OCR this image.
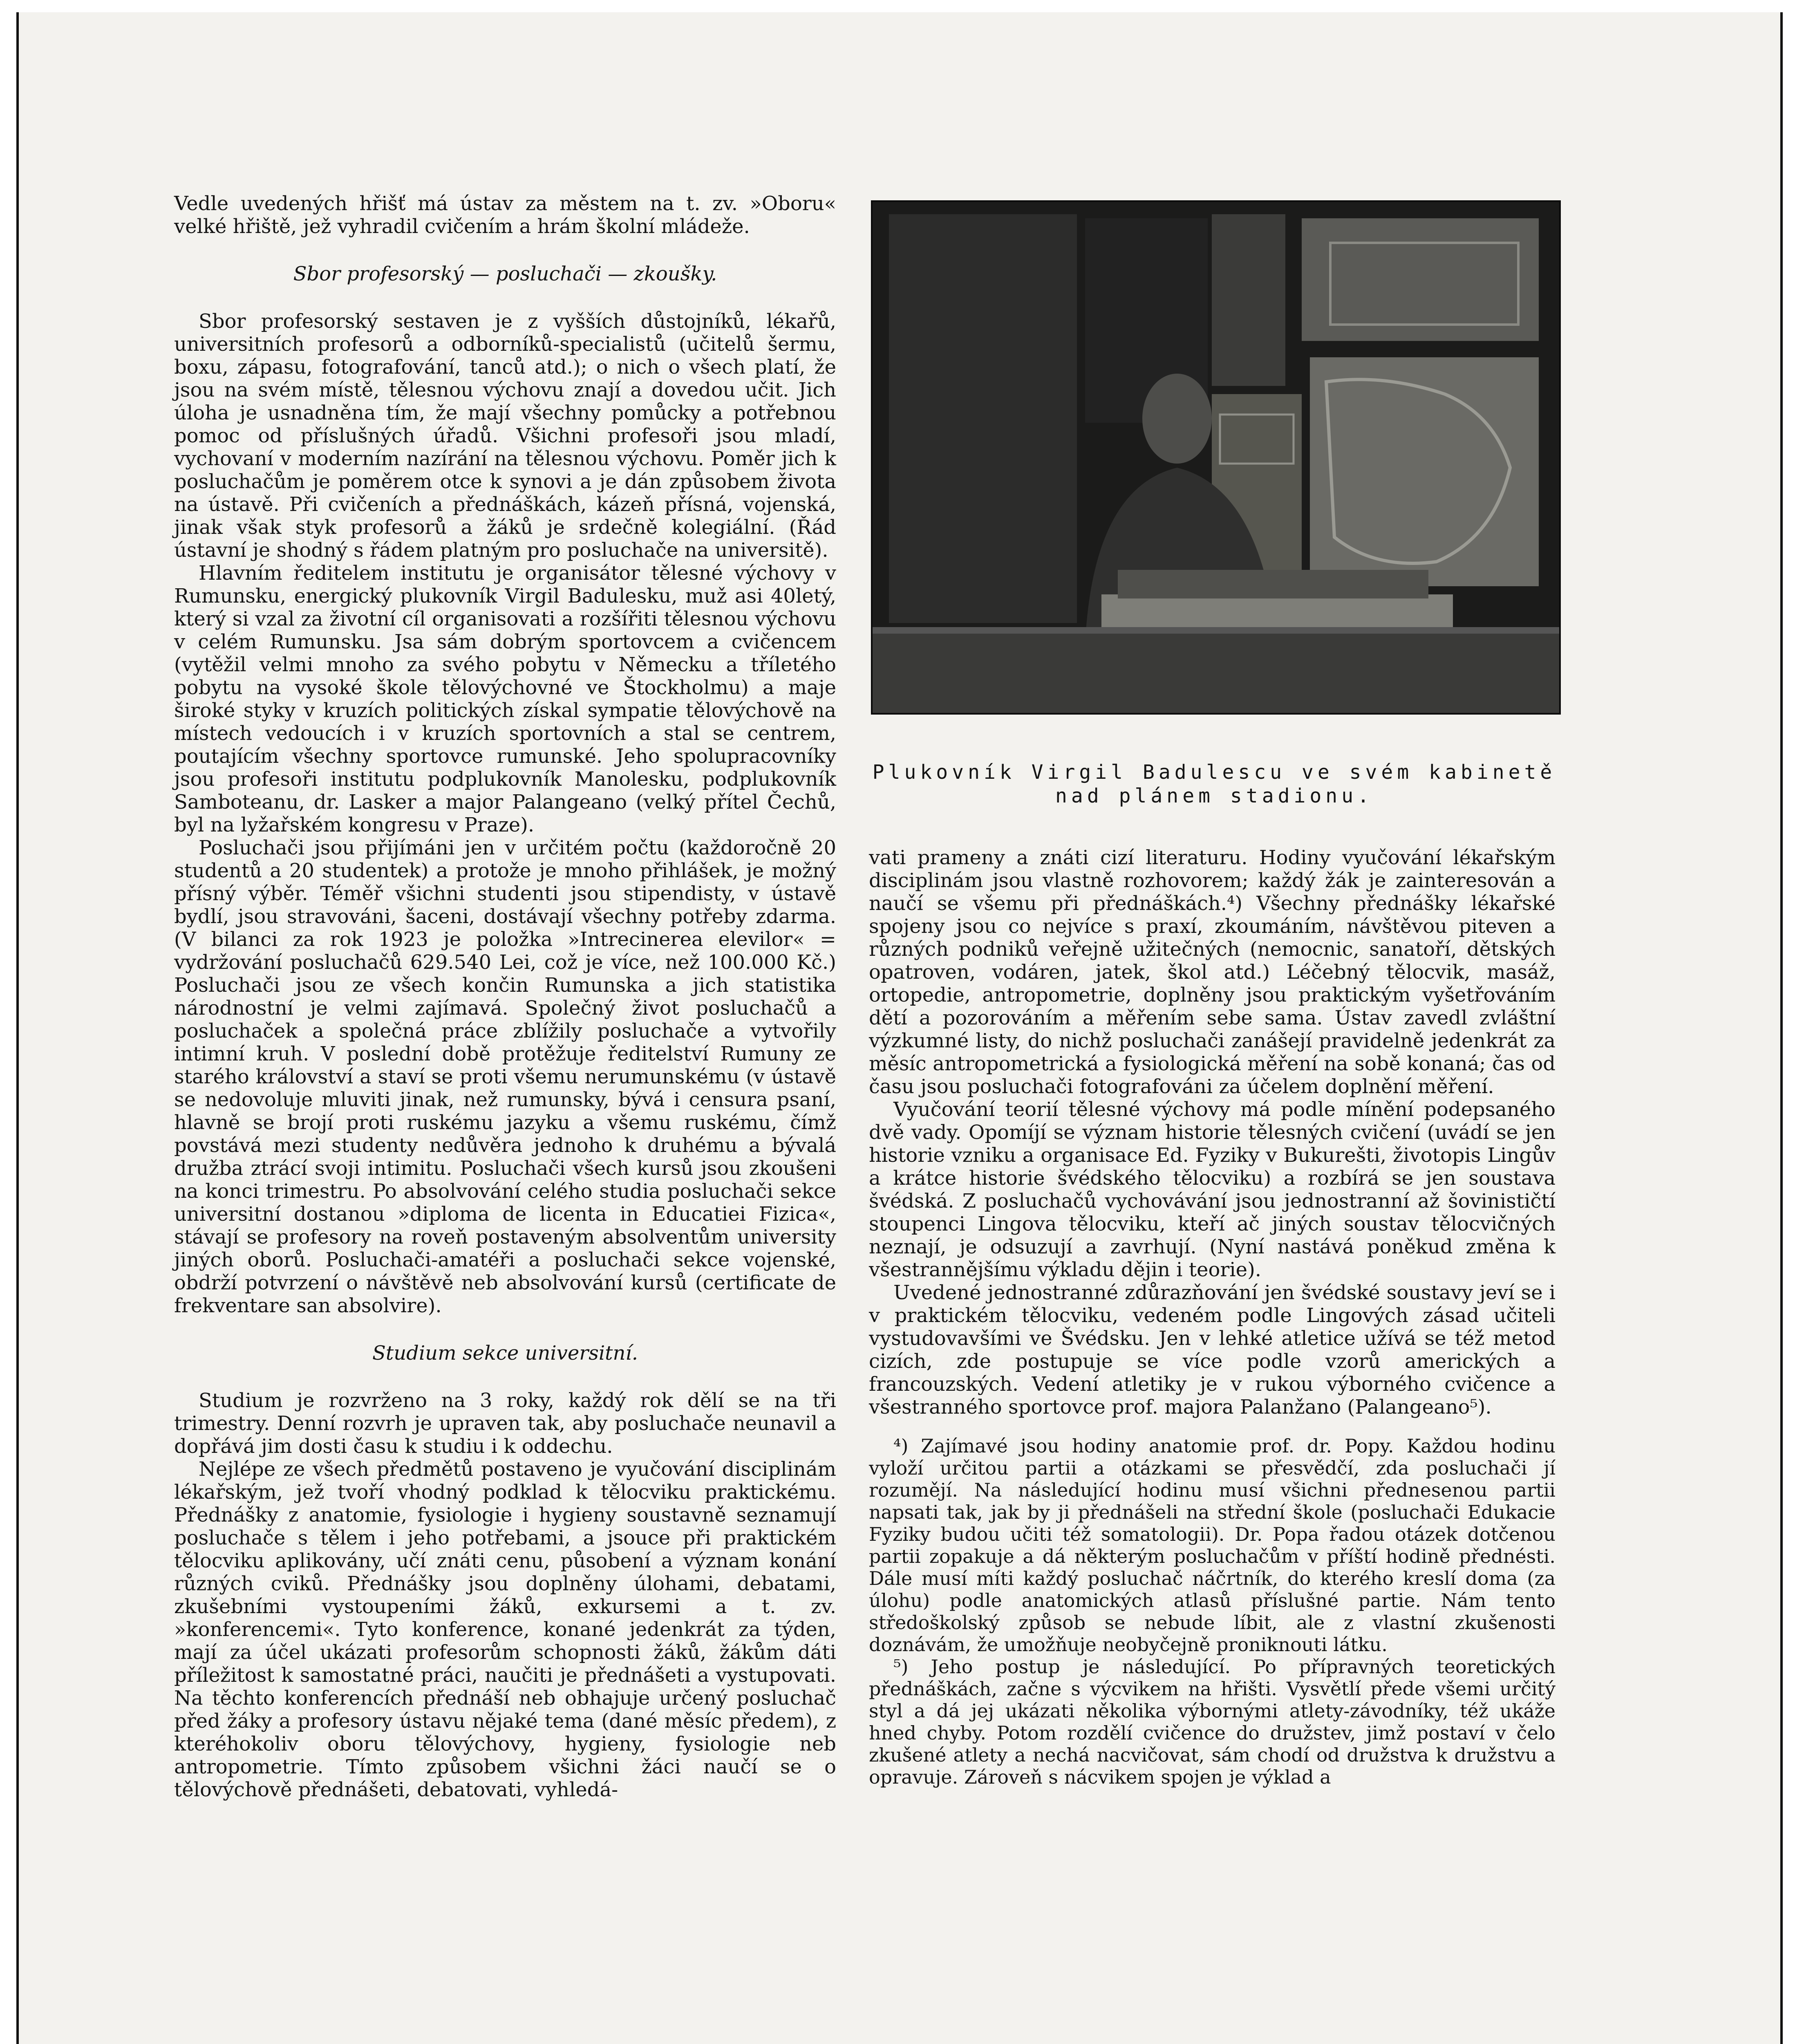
Vedle uvedených hřišť má ústav za městem na t. zv. »Oboru« velké hřiště, jež vyhradil cvičením a hrám školní mládeže.

Sbor profesorský — posluchači — zkoušky.

Sbor profesorský sestaven je z vyšších důstojníků, lékařů, universitních profesorů a odborníků-specialistů (učitelů šermu, boxu, zápasu, fotografování, tanců atd.); o nich o všech platí, že jsou na svém místě, tělesnou výchovu znají a dovedou učit. Jich úloha je usnadněna tím, že mají všechny pomůcky a potřebnou pomoc od příslušných úřadů. Všichni profesoři jsou mladí, vychovaní v moderním nazírání na tělesnou výchovu. Poměr jich k posluchačům je poměrem otce k synovi a je dán způsobem života na ústavě. Při cvičeních a přednáškách, kázeň přísná, vojenská, jinak však styk profesorů a žáků je srdečně kolegiální. (Řád ústavní je shodný s řádem platným pro posluchače na universitě).

Hlavním ředitelem institutu je organisátor tělesné výchovy v Rumunsku, energický plukovník Virgil Badulesku, muž asi 40letý, který si vzal za životní cíl organisovati a rozšířiti tělesnou výchovu v celém Rumunsku. Jsa sám dobrým sportovcem a cvičencem (vytěžil velmi mnoho za svého pobytu v Německu a tříletého pobytu na vysoké škole tělovýchovné ve Štockholmu) a maje široké styky v kruzích politických získal sympatie tělovýchově na místech vedoucích i v kruzích sportovních a stal se centrem, poutajícím všechny sportovce rumunské. Jeho spolupracovníky jsou profesoři institutu podplukovník Manolesku, podplukovník Samboteanu, dr. Lasker a major Palangeano (velký přítel Čechů, byl na lyžařském kongresu v Praze).

Posluchači jsou přijímáni jen v určitém počtu (každoročně 20 studentů a 20 studentek) a protože je mnoho přihlášek, je možný přísný výběr. Téměř všichni studenti jsou stipendisty, v ústavě bydlí, jsou stravováni, šaceni, dostávají všechny potřeby zdarma. (V bilanci za rok 1923 je položka »Intrecinerea elevilor« = vydržování posluchačů 629.540 Lei, což je více, než 100.000 Kč.) Posluchači jsou ze všech končin Rumunska a jich statistika národnostní je velmi zajímavá. Společný život posluchačů a posluchaček a společná práce zblížily posluchače a vytvořily intimní kruh. V poslední době protěžuje ředitelství Rumuny ze starého království a staví se proti všemu nerumunskému (v ústavě se nedovoluje mluviti jinak, než rumunsky, bývá i censura psaní, hlavně se brojí proti ruskému jazyku a všemu ruskému, čímž povstává mezi studenty nedůvěra jednoho k druhému a bývalá družba ztrácí svoji intimitu. Posluchači všech kursů jsou zkoušeni na konci trimestru. Po absolvování celého studia posluchači sekce universitní dostanou »diploma de licenta in Educatiei Fizica«, stávají se profesory na roveň postaveným absolventům university jiných oborů. Posluchači-amatéři a posluchači sekce vojenské, obdrží potvrzení o návštěvě neb absolvování kursů (certificate de frekventare san absolvire).

Studium sekce universitní.

Studium je rozvrženo na 3 roky, každý rok dělí se na tři trimestry. Denní rozvrh je upraven tak, aby posluchače neunavil a dopřává jim dosti času k studiu i k oddechu.

Nejlépe ze všech předmětů postaveno je vyučování disciplinám lékařským, jež tvoří vhodný podklad k tělocviku praktickému. Přednášky z anatomie, fysiologie i hygieny soustavně seznamují posluchače s tělem i jeho potřebami, a jsouce při praktickém tělocviku aplikovány, učí znáti cenu, působení a význam konání různých cviků. Přednášky jsou doplněny úlohami, debatami, zkušebními vystoupeními žáků, exkursemi a t. zv. »konferencemi«. Tyto konference, konané jedenkrát za týden, mají za účel ukázati profesorům schopnosti žáků, žákům dáti příležitost k samostatné práci, naučiti je přednášeti a vystupovati. Na těchto konferencích přednáší neb obhajuje určený posluchač před žáky a profesory ústavu nějaké tema (dané měsíc předem), z kteréhokoliv oboru tělovýchovy, hygieny, fysiologie neb antropometrie. Tímto způsobem všichni žáci naučí se o tělovýchově přednášeti, debatovati, vyhledá-

Plukovník Virgil Badulescu ve svém kabinetě nad plánem stadionu.

vati prameny a znáti cizí literaturu. Hodiny vyučování lékařským disciplinám jsou vlastně rozhovorem; každý žák je zainteresován a naučí se všemu při přednáškách.⁴) Všechny přednášky lékařské spojeny jsou co nejvíce s praxí, zkoumáním, návštěvou piteven a různých podniků veřejně užitečných (nemocnic, sanatoří, dětských opatroven, vodáren, jatek, škol atd.) Léčebný tělocvik, masáž, ortopedie, antropometrie, doplněny jsou praktickým vyšetřováním dětí a pozorováním a měřením sebe sama. Ústav zavedl zvláštní výzkumné listy, do nichž posluchači zanášejí pravidelně jedenkrát za měsíc antropometrická a fysiologická měření na sobě konaná; čas od času jsou posluchači fotografováni za účelem doplnění měření.

Vyučování teorií tělesné výchovy má podle mínění podepsaného dvě vady. Opomíjí se význam historie tělesných cvičení (uvádí se jen historie vzniku a organisace Ed. Fyziky v Bukurešti, životopis Lingův a krátce historie švédského tělocviku) a rozbírá se jen soustava švédská. Z posluchačů vychovávání jsou jednostranní až šovinističtí stoupenci Lingova tělocviku, kteří ač jiných soustav tělocvičných neznají, je odsuzují a zavrhují. (Nyní nastává poněkud změna k všestrannějšímu výkladu dějin i teorie).

Uvedené jednostranné zdůrazňování jen švédské soustavy jeví se i v praktickém tělocviku, vedeném podle Lingových zásad učiteli vystudovavšími ve Švédsku. Jen v lehké atletice užívá se též metod cizích, zde postupuje se více podle vzorů amerických a francouzských. Vedení atletiky je v rukou výborného cvičence a všestranného sportovce prof. majora Palanžano (Palangeano⁵).

⁴) Zajímavé jsou hodiny anatomie prof. dr. Popy. Každou hodinu vyloží určitou partii a otázkami se přesvědčí, zda posluchači jí rozumějí. Na následující hodinu musí všichni přednesenou partii napsati tak, jak by ji přednášeli na střední škole (posluchači Edukacie Fyziky budou učiti též somatologii). Dr. Popa řadou otázek dotčenou partii zopakuje a dá některým posluchačům v příští hodině přednésti. Dále musí míti každý posluchač náčrtník, do kterého kreslí doma (za úlohu) podle anatomických atlasů příslušné partie. Nám tento středoškolský způsob se nebude líbit, ale z vlastní zkušenosti doznávám, že umožňuje neobyčejně proniknouti látku.

⁵) Jeho postup je následující. Po přípravných teoretických přednáškách, začne s výcvikem na hřišti. Vysvětlí přede všemi určitý styl a dá jej ukázati několika výbornými atlety-závodníky, též ukáže hned chyby. Potom rozdělí cvičence do družstev, jimž postaví v čelo zkušené atlety a nechá nacvičovat, sám chodí od družstva k družstvu a opravuje. Zároveň s nácvikem spojen je výklad a
